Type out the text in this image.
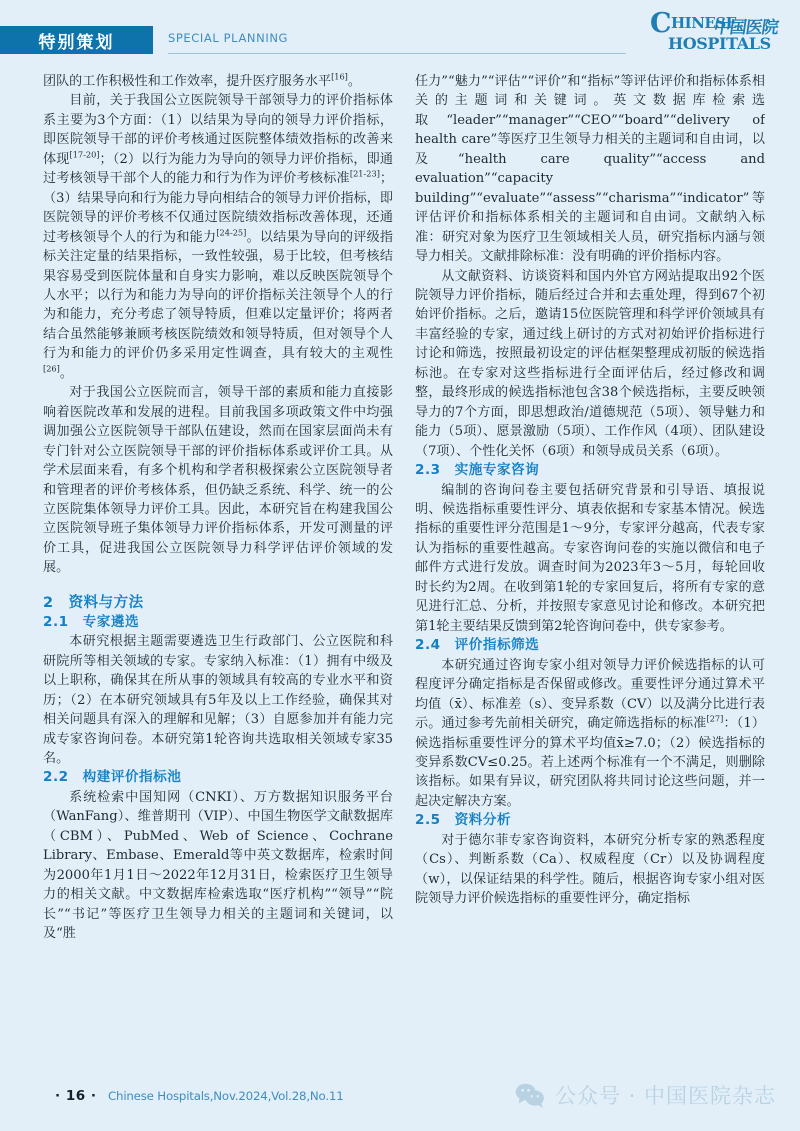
特别策划	SPECIAL PLANNING	CHINESE
中国医院
HOSPITALS

团队的工作积极性和工作效率，提升医疗服务水平[16]。

目前，关于我国公立医院领导干部领导力的评价指标体系主要为3个方面：（1）以结果为导向的领导力评价指标，即医院领导干部的评价考核通过医院整体绩效指标的改善来体现[17-20]；（2）以行为能力为导向的领导力评价指标，即通过考核领导干部个人的能力和行为作为评价考核标准[21-23]；（3）结果导向和行为能力导向相结合的领导力评价指标，即医院领导的评价考核不仅通过医院绩效指标改善体现，还通过考核领导个人的行为和能力[24-25]。以结果为导向的评级指标关注定量的结果指标，一致性较强，易于比较，但考核结果容易受到医院体量和自身实力影响，难以反映医院领导个人水平；以行为和能力为导向的评价指标关注领导个人的行为和能力，充分考虑了领导特质，但难以定量评价；将两者结合虽然能够兼顾考核医院绩效和领导特质，但对领导个人行为和能力的评价仍多采用定性调查，具有较大的主观性[26]。

对于我国公立医院而言，领导干部的素质和能力直接影响着医院改革和发展的进程。目前我国多项政策文件中均强调加强公立医院领导干部队伍建设，然而在国家层面尚未有专门针对公立医院领导干部的评价指标体系或评价工具。从学术层面来看，有多个机构和学者积极探索公立医院领导者和管理者的评价考核体系，但仍缺乏系统、科学、统一的公立医院集体领导力评价工具。因此，本研究旨在构建我国公立医院领导班子集体领导力评价指标体系，开发可测量的评价工具，促进我国公立医院领导力科学评估评价领域的发展。

2　资料与方法
2.1　专家遴选

本研究根据主题需要遴选卫生行政部门、公立医院和科研院所等相关领域的专家。专家纳入标准：（1）拥有中级及以上职称，确保其在所从事的领域具有较高的专业水平和资历；（2）在本研究领域具有5年及以上工作经验，确保其对相关问题具有深入的理解和见解；（3）自愿参加并有能力完成专家咨询问卷。本研究第1轮咨询共选取相关领域专家35名。

2.2　构建评价指标池

系统检索中国知网（CNKI）、万方数据知识服务平台（WanFang）、维普期刊（VIP）、中国生物医学文献数据库（CBM）、PubMed、Web of Science、Cochrane Library、Embase、Emerald等中英文数据库，检索时间为2000年1月1日～2022年12月31日，检索医疗卫生领导力的相关文献。中文数据库检索选取“医疗机构”“领导”“院长”“书记”等医疗卫生领导力相关的主题词和关键词，以及“胜

任力”“魅力”“评估”“评价”和“指标”等评估评价和指标体系相关的主题词和关键词。英文数据库检索选取“leader”“manager”“CEO”“board”“delivery of health care”等医疗卫生领导力相关的主题词和自由词，以及“health care quality”“access and evaluation”“capacity building”“evaluate”“assess”“charisma”“indicator”等评估评价和指标体系相关的主题词和自由词。文献纳入标准：研究对象为医疗卫生领域相关人员，研究指标内涵与领导力相关。文献排除标准：没有明确的评价指标内容。

从文献资料、访谈资料和国内外官方网站提取出92个医院领导力评价指标，随后经过合并和去重处理，得到67个初始评价指标。之后，邀请15位医院管理和科学评价领域具有丰富经验的专家，通过线上研讨的方式对初始评价指标进行讨论和筛选，按照最初设定的评估框架整理成初版的候选指标池。在专家对这些指标进行全面评估后，经过修改和调整，最终形成的候选指标池包含38个候选指标，主要反映领导力的7个方面，即思想政治/道德规范（5项）、领导魅力和能力（5项）、愿景激励（5项）、工作作风（4项）、团队建设（7项）、个性化关怀（6项）和领导成员关系（6项）。

2.3　实施专家咨询

编制的咨询问卷主要包括研究背景和引导语、填报说明、候选指标重要性评分、填表依据和专家基本情况。候选指标的重要性评分范围是1～9分，专家评分越高，代表专家认为指标的重要性越高。专家咨询问卷的实施以微信和电子邮件方式进行发放。调查时间为2023年3～5月，每轮回收时长约为2周。在收到第1轮的专家回复后，将所有专家的意见进行汇总、分析，并按照专家意见讨论和修改。本研究把第1轮主要结果反馈到第2轮咨询问卷中，供专家参考。

2.4　评价指标筛选

本研究通过咨询专家小组对领导力评价候选指标的认可程度评分确定指标是否保留或修改。重要性评分通过算术平均值（x̄）、标准差（s）、变异系数（CV）以及满分比进行表示。通过参考先前相关研究，确定筛选指标的标准[27]：（1）候选指标重要性评分的算术平均值x̄≥7.0；（2）候选指标的变异系数CV≤0.25。若上述两个标准有一个不满足，则删除该指标。如果有异议，研究团队将共同讨论这些问题，并一起决定解决方案。

2.5　资料分析

对于德尔菲专家咨询资料，本研究分析专家的熟悉程度（Cs）、判断系数（Ca）、权威程度（Cr）以及协调程度（w），以保证结果的科学性。随后，根据咨询专家小组对医院领导力评价候选指标的重要性评分，确定指标

· 16 · Chinese Hospitals,Nov.2024,Vol.28,No.11	公众号 · 中国医院杂志
